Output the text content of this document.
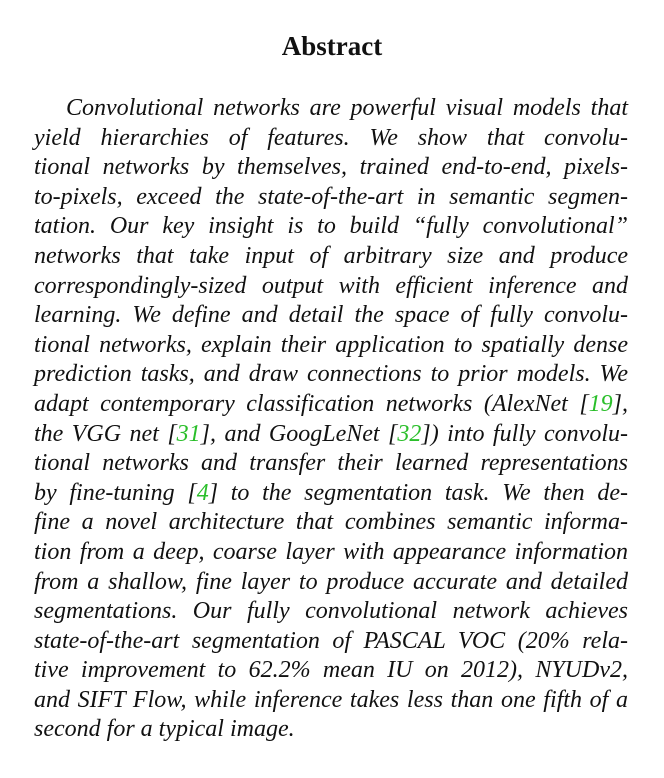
Abstract
Convolutional networks are powerful visual models that
yield hierarchies of features. We show that convolu-
tional networks by themselves, trained end-to-end, pixels-
to-pixels, exceed the state-of-the-art in semantic segmen-
tation. Our key insight is to build “fully convolutional”
networks that take input of arbitrary size and produce
correspondingly-sized output with efficient inference and
learning. We define and detail the space of fully convolu-
tional networks, explain their application to spatially dense
prediction tasks, and draw connections to prior models. We
adapt contemporary classification networks (AlexNet [19],
the VGG net [31], and GoogLeNet [32]) into fully convolu-
tional networks and transfer their learned representations
by fine-tuning [4] to the segmentation task. We then de-
fine a novel architecture that combines semantic informa-
tion from a deep, coarse layer with appearance information
from a shallow, fine layer to produce accurate and detailed
segmentations. Our fully convolutional network achieves
state-of-the-art segmentation of PASCAL VOC (20% rela-
tive improvement to 62.2% mean IU on 2012), NYUDv2,
and SIFT Flow, while inference takes less than one fifth of a
second for a typical image.
